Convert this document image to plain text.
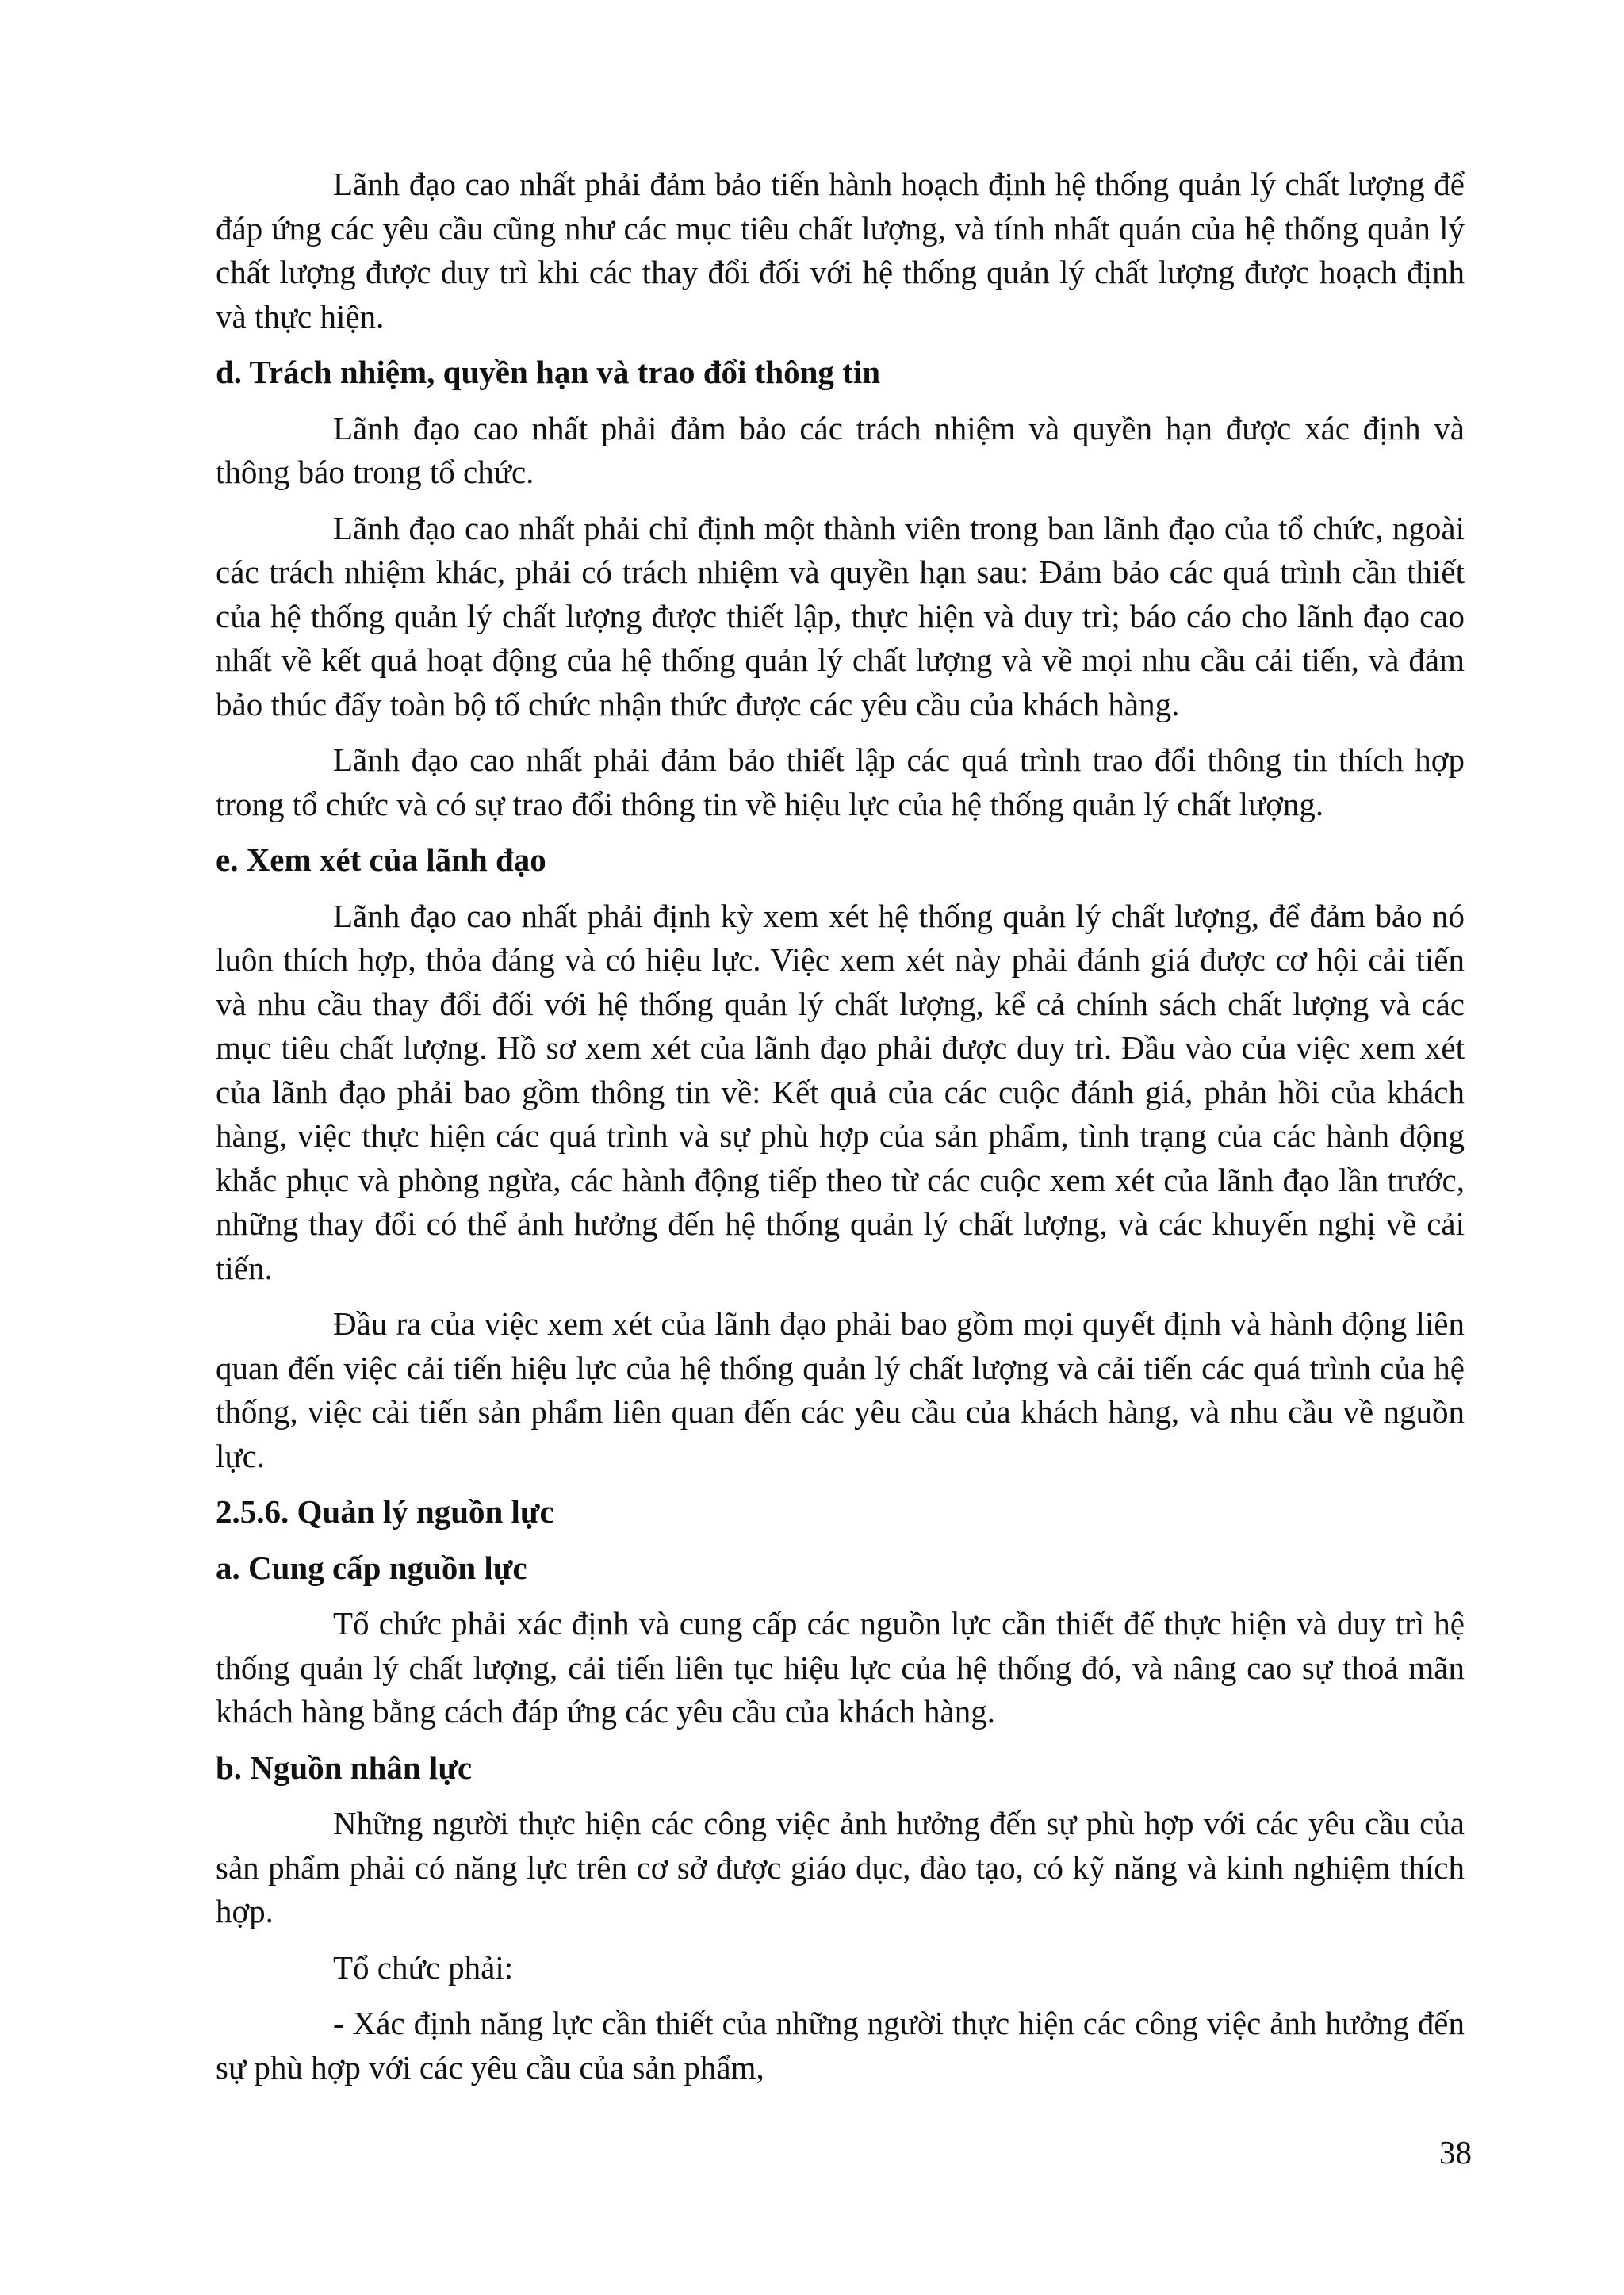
Lãnh đạo cao nhất phải đảm bảo tiến hành hoạch định hệ thống quản lý chất lượng để đáp ứng các yêu cầu cũng như các mục tiêu chất lượng, và tính nhất quán của hệ thống quản lý chất lượng được duy trì khi các thay đổi đối với hệ thống quản lý chất lượng được hoạch định và thực hiện.

d. Trách nhiệm, quyền hạn và trao đổi thông tin

Lãnh đạo cao nhất phải đảm bảo các trách nhiệm và quyền hạn được xác định và thông báo trong tổ chức.

Lãnh đạo cao nhất phải chỉ định một thành viên trong ban lãnh đạo của tổ chức, ngoài các trách nhiệm khác, phải có trách nhiệm và quyền hạn sau: Đảm bảo các quá trình cần thiết của hệ thống quản lý chất lượng được thiết lập, thực hiện và duy trì; báo cáo cho lãnh đạo cao nhất về kết quả hoạt động của hệ thống quản lý chất lượng và về mọi nhu cầu cải tiến, và đảm bảo thúc đẩy toàn bộ tổ chức nhận thức được các yêu cầu của khách hàng.

Lãnh đạo cao nhất phải đảm bảo thiết lập các quá trình trao đổi thông tin thích hợp trong tổ chức và có sự trao đổi thông tin về hiệu lực của hệ thống quản lý chất lượng.

e. Xem xét của lãnh đạo

Lãnh đạo cao nhất phải định kỳ xem xét hệ thống quản lý chất lượng, để đảm bảo nó luôn thích hợp, thỏa đáng và có hiệu lực. Việc xem xét này phải đánh giá được cơ hội cải tiến và nhu cầu thay đổi đối với hệ thống quản lý chất lượng, kể cả chính sách chất lượng và các mục tiêu chất lượng. Hồ sơ xem xét của lãnh đạo phải được duy trì. Đầu vào của việc xem xét của lãnh đạo phải bao gồm thông tin về: Kết quả của các cuộc đánh giá, phản hồi của khách hàng, việc thực hiện các quá trình và sự phù hợp của sản phẩm, tình trạng của các hành động khắc phục và phòng ngừa, các hành động tiếp theo từ các cuộc xem xét của lãnh đạo lần trước, những thay đổi có thể ảnh hưởng đến hệ thống quản lý chất lượng, và các khuyến nghị về cải tiến.

Đầu ra của việc xem xét của lãnh đạo phải bao gồm mọi quyết định và hành động liên quan đến việc cải tiến hiệu lực của hệ thống quản lý chất lượng và cải tiến các quá trình của hệ thống, việc cải tiến sản phẩm liên quan đến các yêu cầu của khách hàng, và nhu cầu về nguồn lực.

2.5.6. Quản lý nguồn lực
a. Cung cấp nguồn lực

Tổ chức phải xác định và cung cấp các nguồn lực cần thiết để thực hiện và duy trì hệ thống quản lý chất lượng, cải tiến liên tục hiệu lực của hệ thống đó, và nâng cao sự thoả mãn khách hàng bằng cách đáp ứng các yêu cầu của khách hàng.

b. Nguồn nhân lực

Những người thực hiện các công việc ảnh hưởng đến sự phù hợp với các yêu cầu của sản phẩm phải có năng lực trên cơ sở được giáo dục, đào tạo, có kỹ năng và kinh nghiệm thích hợp.

Tổ chức phải:

- Xác định năng lực cần thiết của những người thực hiện các công việc ảnh hưởng đến sự phù hợp với các yêu cầu của sản phẩm,

38
